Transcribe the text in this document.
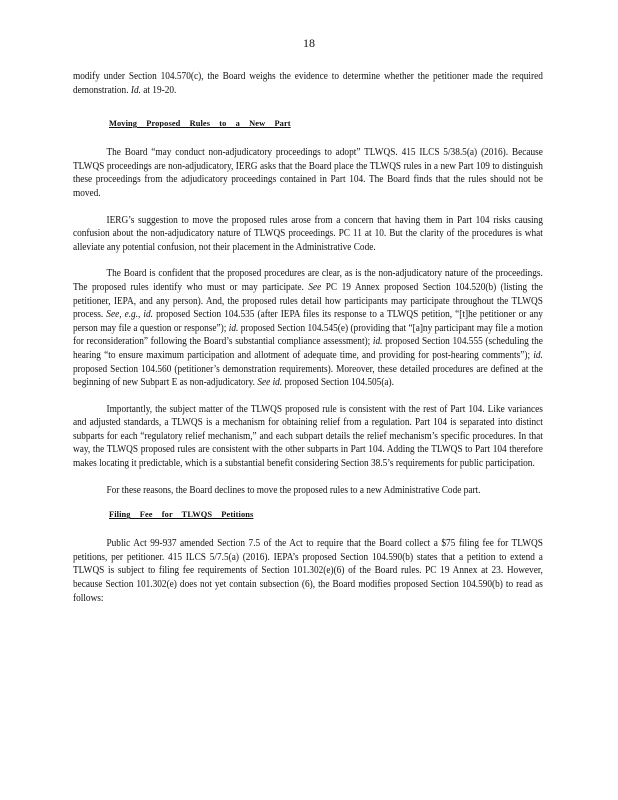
18

modify under Section 104.570(c), the Board weighs the evidence to determine whether the petitioner made the required demonstration. Id. at 19-20.

Moving Proposed Rules to a New Part

The Board “may conduct non-adjudicatory proceedings to adopt” TLWQS. 415 ILCS 5/38.5(a) (2016). Because TLWQS proceedings are non-adjudicatory, IERG asks that the Board place the TLWQS rules in a new Part 109 to distinguish these proceedings from the adjudicatory proceedings contained in Part 104. The Board finds that the rules should not be moved.

IERG’s suggestion to move the proposed rules arose from a concern that having them in Part 104 risks causing confusion about the non-adjudicatory nature of TLWQS proceedings. PC 11 at 10. But the clarity of the procedures is what alleviate any potential confusion, not their placement in the Administrative Code.

The Board is confident that the proposed procedures are clear, as is the non-adjudicatory nature of the proceedings. The proposed rules identify who must or may participate. See PC 19 Annex proposed Section 104.520(b) (listing the petitioner, IEPA, and any person). And, the proposed rules detail how participants may participate throughout the TLWQS process. See, e.g., id. proposed Section 104.535 (after IEPA files its response to a TLWQS petition, “[t]he petitioner or any person may file a question or response”); id. proposed Section 104.545(e) (providing that “[a]ny participant may file a motion for reconsideration” following the Board’s substantial compliance assessment); id. proposed Section 104.555 (scheduling the hearing “to ensure maximum participation and allotment of adequate time, and providing for post-hearing comments”); id. proposed Section 104.560 (petitioner’s demonstration requirements). Moreover, these detailed procedures are defined at the beginning of new Subpart E as non-adjudicatory. See id. proposed Section 104.505(a).

Importantly, the subject matter of the TLWQS proposed rule is consistent with the rest of Part 104. Like variances and adjusted standards, a TLWQS is a mechanism for obtaining relief from a regulation. Part 104 is separated into distinct subparts for each “regulatory relief mechanism,” and each subpart details the relief mechanism’s specific procedures. In that way, the TLWQS proposed rules are consistent with the other subparts in Part 104. Adding the TLWQS to Part 104 therefore makes locating it predictable, which is a substantial benefit considering Section 38.5’s requirements for public participation.

For these reasons, the Board declines to move the proposed rules to a new Administrative Code part.

Filing Fee for TLWQS Petitions

Public Act 99-937 amended Section 7.5 of the Act to require that the Board collect a $75 filing fee for TLWQS petitions, per petitioner. 415 ILCS 5/7.5(a) (2016). IEPA’s proposed Section 104.590(b) states that a petition to extend a TLWQS is subject to filing fee requirements of Section 101.302(e)(6) of the Board rules. PC 19 Annex at 23. However, because Section 101.302(e) does not yet contain subsection (6), the Board modifies proposed Section 104.590(b) to read as follows:
